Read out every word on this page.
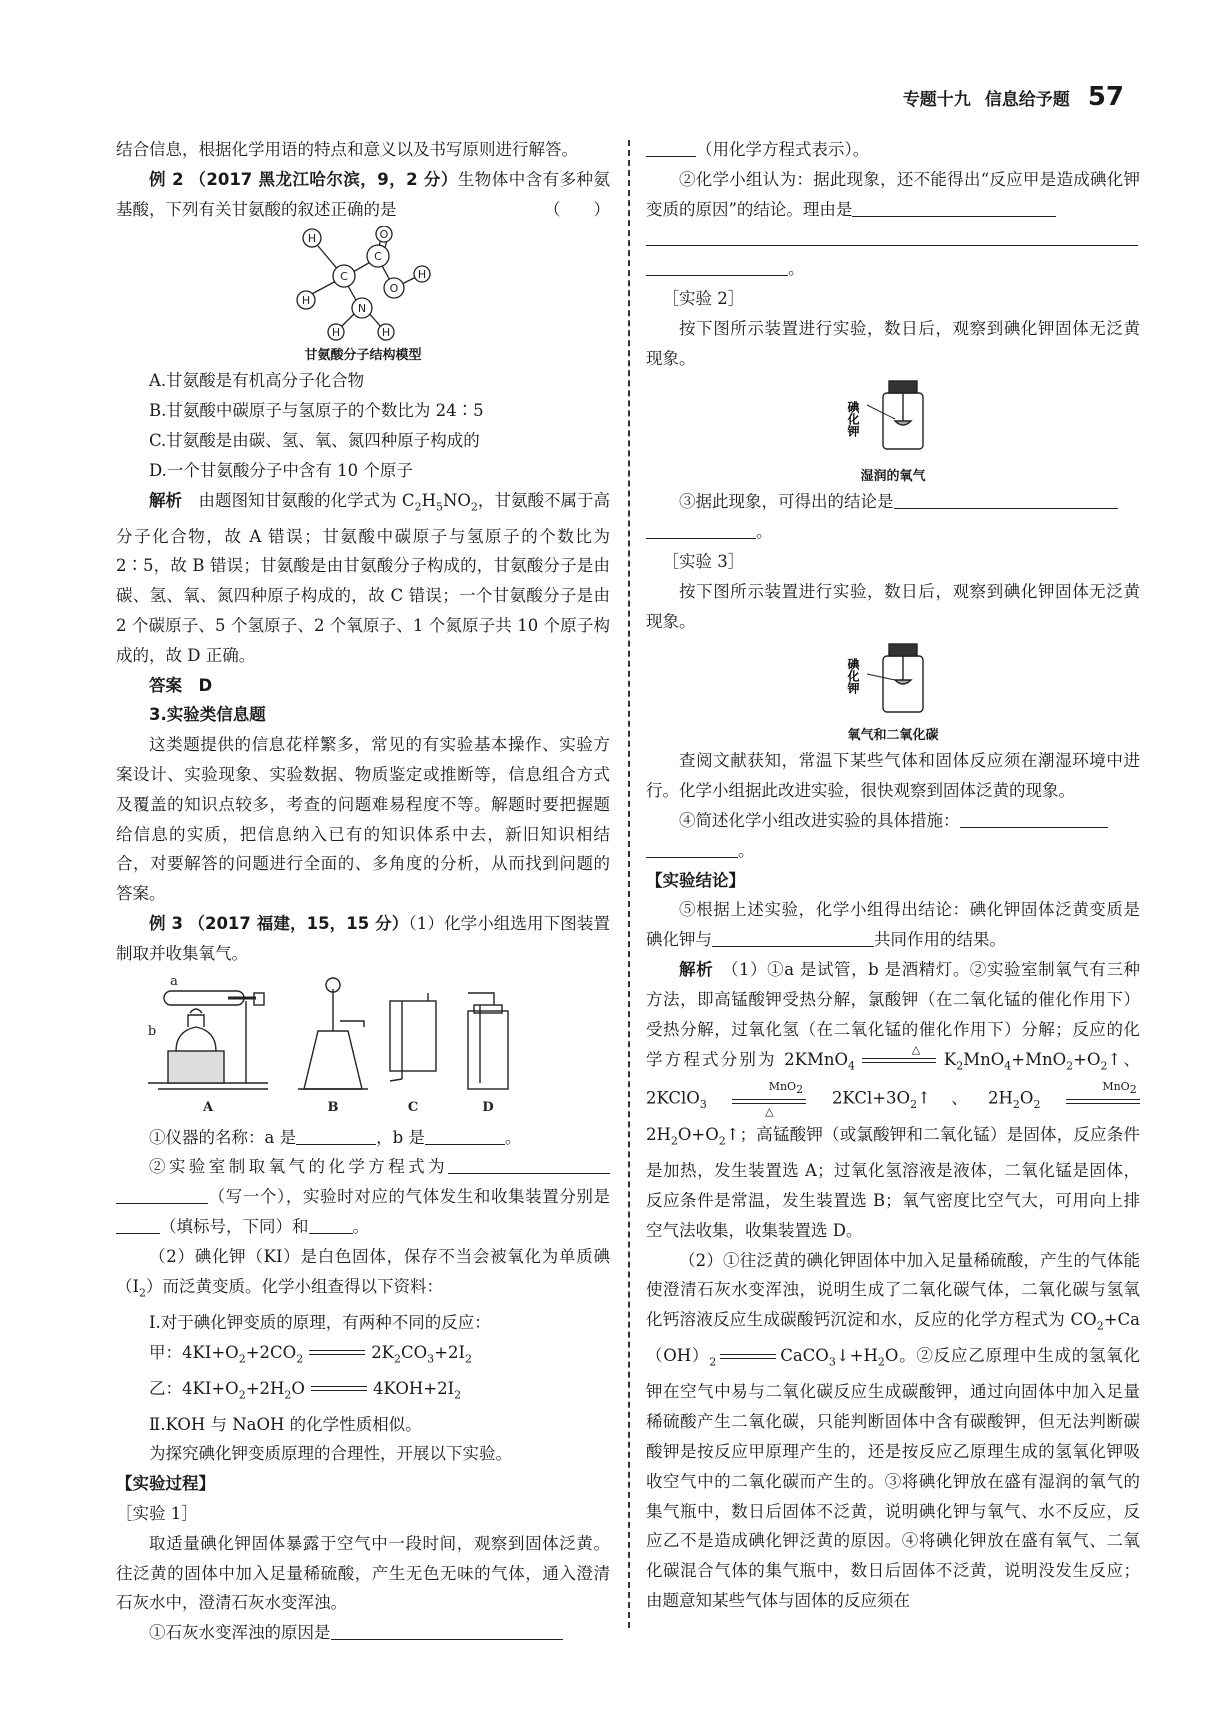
专题十九 信息给予题 57

结合信息，根据化学用语的特点和意义以及书写原则进行解答。

例 2 （2017 黑龙江哈尔滨，9，2 分）生物体中含有多种氨基酸，下列有关甘氨酸的叙述正确的是	（　　）

H
H
C
C
O
O
H
N
H	H
甘氨酸分子结构模型

A.甘氨酸是有机高分子化合物

B.甘氨酸中碳原子与氢原子的个数比为 24∶5

C.甘氨酸是由碳、氢、氧、氮四种原子构成的

D.一个甘氨酸分子中含有 10 个原子

解析　 由题图知甘氨酸的化学式为 $C_2H_5NO_2$，甘氨酸不属于高分子化合物，故 A 错误；甘氨酸中碳原子与氢原子的个数比为2∶5，故 B 错误；甘氨酸是由甘氨酸分子构成的，甘氨酸分子是由碳、氢、氧、氮四种原子构成的，故 C 错误；一个甘氨酸分子是由 2 个碳原子、5 个氢原子、2 个氧原子、1 个氮原子共 10 个原子构成的，故 D 正确。

答案　 D

3.实验类信息题

这类题提供的信息花样繁多，常见的有实验基本操作、实验方案设计、实验现象、实验数据、物质鉴定或推断等，信息组合方式及覆盖的知识点较多，考查的问题难易程度不等。解题时要把握题给信息的实质，把信息纳入已有的知识体系中去，新旧知识相结合，对要解答的问题进行全面的、多角度的分析，从而找到问题的答案。

例 3 （2017 福建，15，15 分）（1）化学小组选用下图装置制取并收集氧气。

a
b
A	B	C	D

①仪器的名称：a 是	，b 是	。

②实验室制取氧气的化学方程式为（写一个），实验时对应的气体发生和收集装置分别是（填标号，下同）和	。

（2）碘化钾（KI）是白色固体，保存不当会被氧化为单质碘$(I_2)$而泛黄变质。化学小组查得以下资料：

Ⅰ.对于碘化钾变质的原理，有两种不同的反应：

甲：$4KI+O_2+2CO_2$	$2K_2CO_3+2I_2$

乙：$4KI+O_2+2H_2O$	$4KOH+2I_2$

Ⅱ.KOH 与 NaOH 的化学性质相似。

为探究碘化钾变质原理的合理性，开展以下实验。

【实验过程】

［实验 1］

取适量碘化钾固体暴露于空气中一段时间，观察到固体泛黄。往泛黄的固体中加入足量稀硫酸，产生无色无味的气体，通入澄清石灰水中，澄清石灰水变浑浊。

①石灰水变浑浊的原因是

（用化学方程式表示）。

②化学小组认为：据此现象，还不能得出“反应甲是造成碘化钾变质的原因”的结论。理由是

。

［实验 2］

按下图所示装置进行实验，数日后，观察到碘化钾固体无泛黄现象。

碘化钾
湿润的氧气

③据此现象，可得出的结论是

。

［实验 3］

按下图所示装置进行实验，数日后，观察到碘化钾固体无泛黄现象。

碘化钾
氧气和二氧化碳

查阅文献获知，常温下某些气体和固体反应须在潮湿环境中进行。化学小组据此改进实验，很快观察到固体泛黄的现象。

④简述化学小组改进实验的具体措施：

。

【实验结论】

⑤根据上述实验，化学小组得出结论：碘化钾固体泛黄变质是碘化钾与	共同作用的结果。

解析　 （1）①a 是试管，b 是酒精灯。②实验室制氧气有三种方法，即高锰酸钾受热分解，氯酸钾（在二氧化锰的催化作用下）受热分解，过氧化氢（在二氧化锰的催化作用下）分解；反应的化学方程式分别为 2KMnO$_4$ △
$K_2MnO_4+MnO_2+O_2↑$、 2KClO$_3$ MnO$_2$
△ $2KCl+3O_2↑$、$2H_2O_2$ MnO$_2$
$2H_2O+O_2↑$；高锰酸钾（或氯酸钾和二氧化锰）是固体，反应条件是加热，发生装置选 A；过氧化氢溶液是液体，二氧化锰是固体，反应条件是常温，发生装置选 B；氧气密度比空气大，可用向上排空气法收集，收集装置选 D。

（2）①往泛黄的碘化钾固体中加入足量稀硫酸，产生的气体能使澄清石灰水变浑浊，说明生成了二氧化碳气体，二氧化碳与氢氧化钙溶液反应生成碳酸钙沉淀和水，反应的化学方程式为 $CO_2+Ca(OH)_2$	$CaCO_3↓+H_2O$。②反应乙原理中生成的氢氧化钾在空气中易与二氧化碳反应生成碳酸钾，通过向固体中加入足量稀硫酸产生二氧化碳，只能判断固体中含有碳酸钾，但无法判断碳酸钾是按反应甲原理产生的，还是按反应乙原理生成的氢氧化钾吸收空气中的二氧化碳而产生的。③将碘化钾放在盛有湿润的氧气的集气瓶中，数日后固体不泛黄，说明碘化钾与氧气、水不反应，反应乙不是造成碘化钾泛黄的原因。④将碘化钾放在盛有氧气、二氧化碳混合气体的集气瓶中，数日后固体不泛黄，说明没发生反应；由题意知某些气体与固体的反应须在
